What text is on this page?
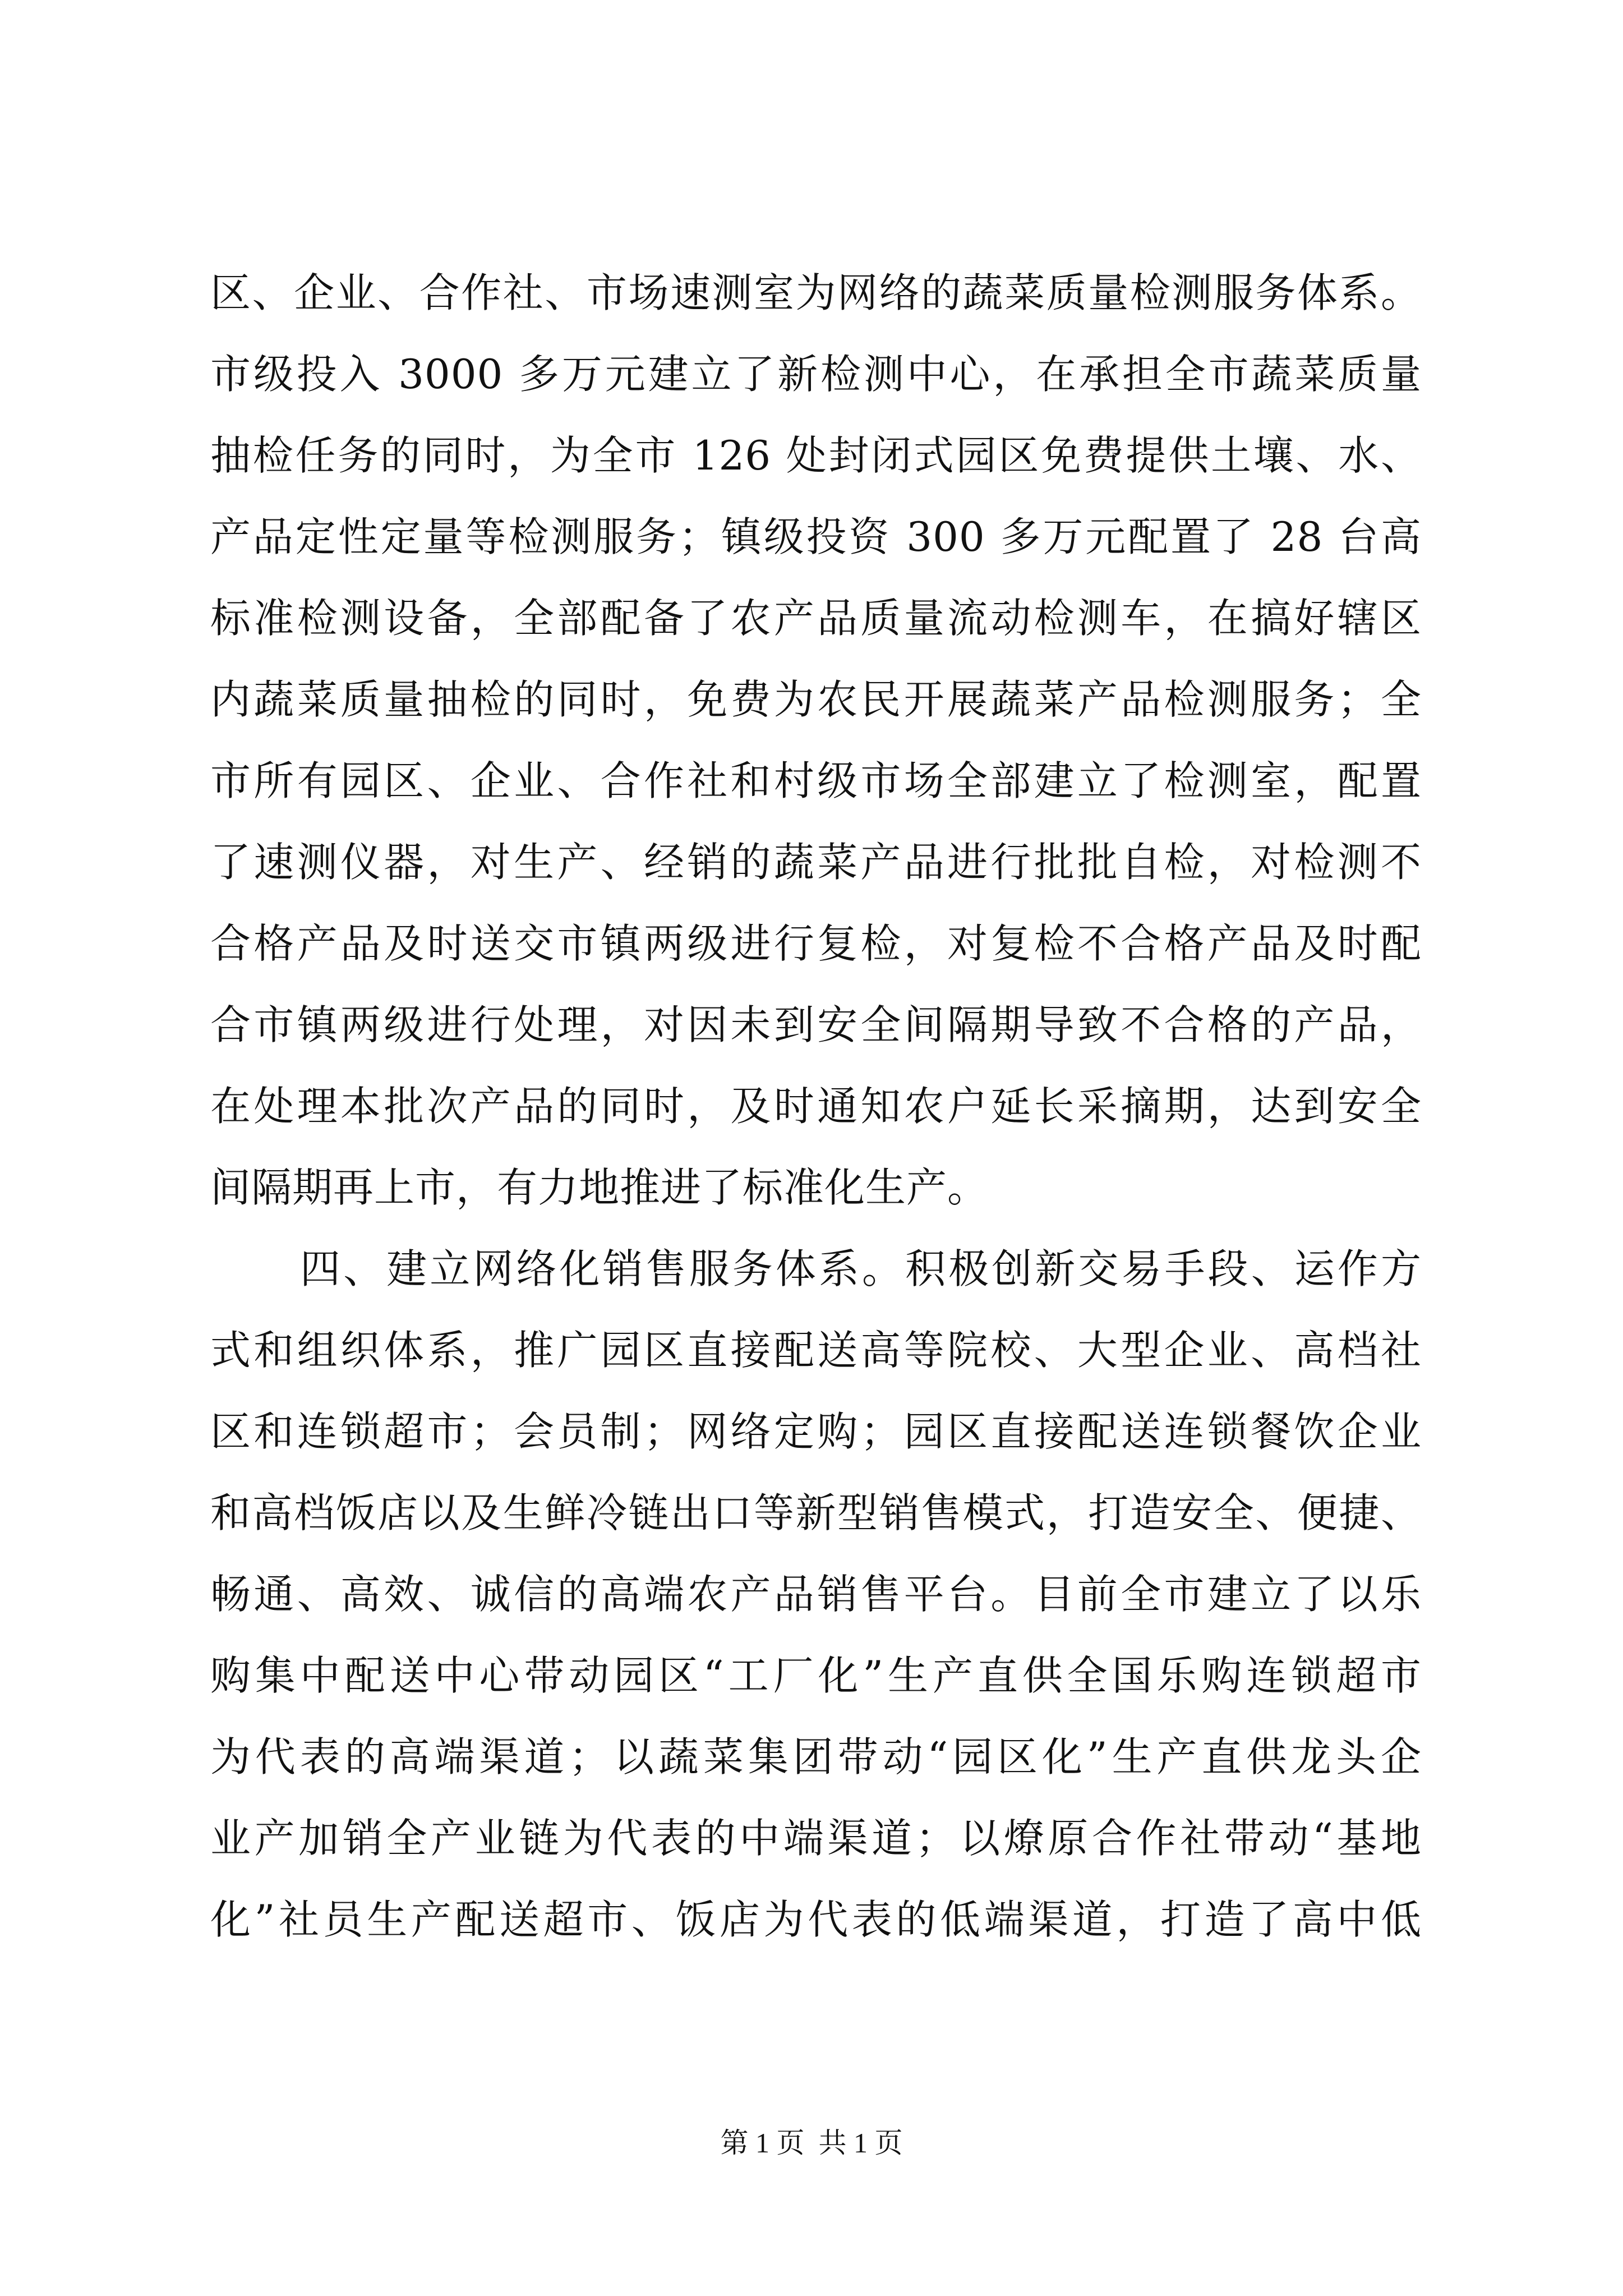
区、企业、合作社、市场速测室为网络的蔬菜质量检测服务体系。
市级投入 3000 多万元建立了新检测中心，在承担全市蔬菜质量
抽检任务的同时，为全市 126 处封闭式园区免费提供土壤、水、
产品定性定量等检测服务；镇级投资 300 多万元配置了 28 台高
标准检测设备，全部配备了农产品质量流动检测车，在搞好辖区
内蔬菜质量抽检的同时，免费为农民开展蔬菜产品检测服务；全
市所有园区、企业、合作社和村级市场全部建立了检测室，配置
了速测仪器，对生产、经销的蔬菜产品进行批批自检，对检测不
合格产品及时送交市镇两级进行复检，对复检不合格产品及时配
合市镇两级进行处理，对因未到安全间隔期导致不合格的产品，
在处理本批次产品的同时，及时通知农户延长采摘期，达到安全
间隔期再上市，有力地推进了标准化生产。
四、建立网络化销售服务体系。积极创新交易手段、运作方
式和组织体系，推广园区直接配送高等院校、大型企业、高档社
区和连锁超市；会员制；网络定购；园区直接配送连锁餐饮企业
和高档饭店以及生鲜冷链出口等新型销售模式，打造安全、便捷、
畅通、高效、诚信的高端农产品销售平台。目前全市建立了以乐
购集中配送中心带动园区“工厂化”生产直供全国乐购连锁超市
为代表的高端渠道；以蔬菜集团带动“园区化”生产直供龙头企
业产加销全产业链为代表的中端渠道；以燎原合作社带动“基地
化”社员生产配送超市、饭店为代表的低端渠道，打造了高中低
第 1 页  共 1 页
